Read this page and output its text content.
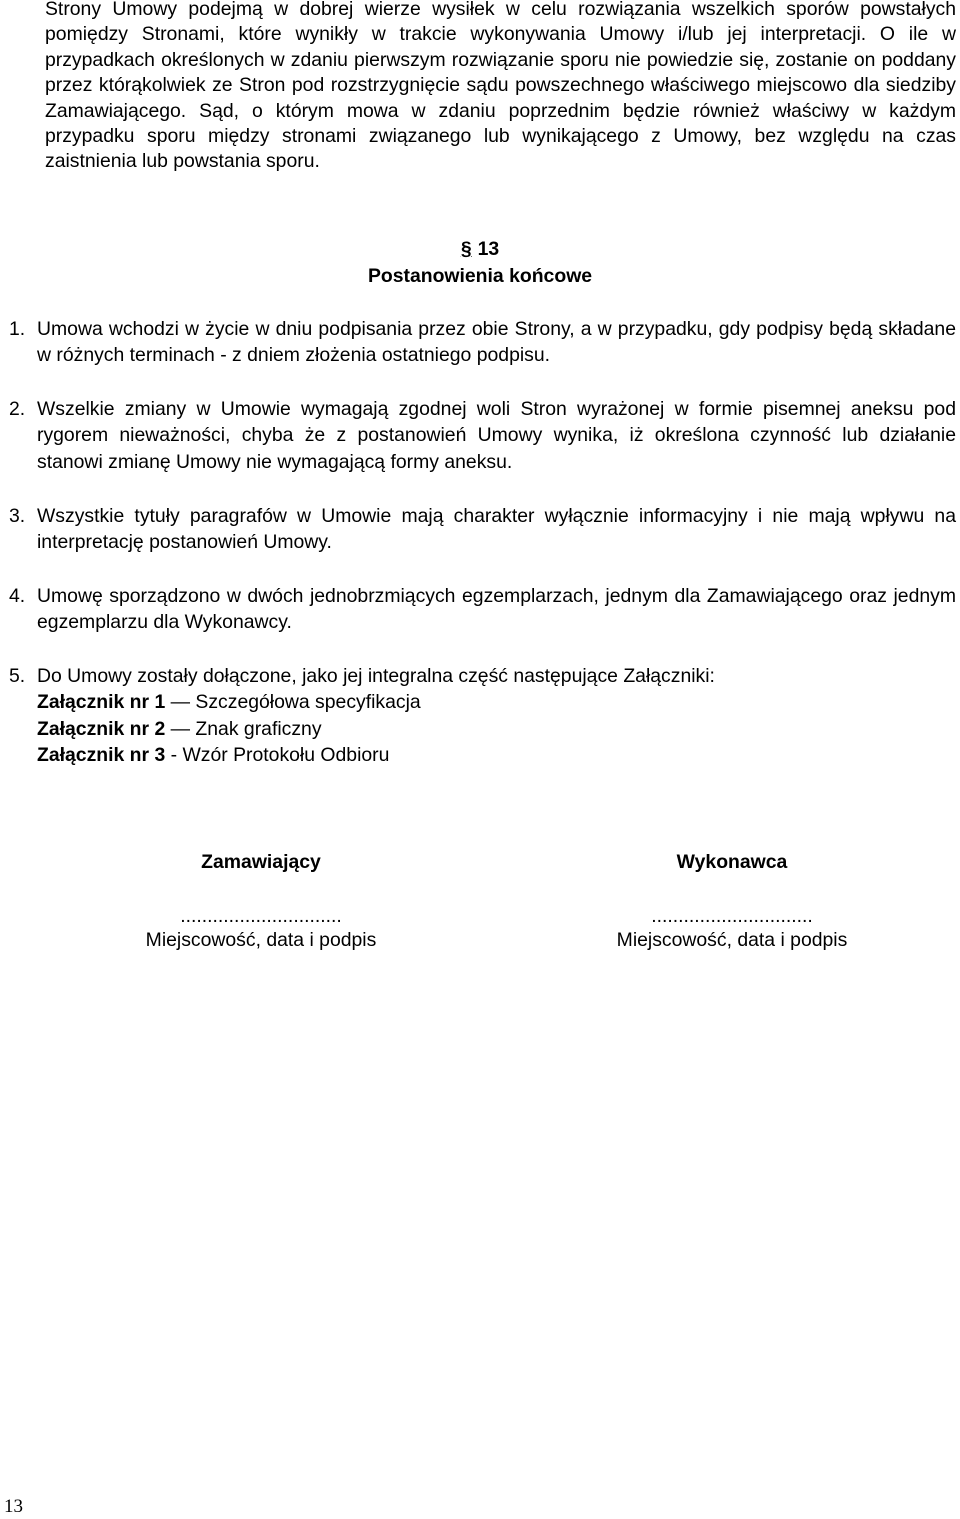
Strony Umowy podejmą w dobrej wierze wysiłek w celu rozwiązania wszelkich sporów powstałych pomiędzy Stronami, które wynikły w trakcie wykonywania Umowy i/lub jej interpretacji. O ile w przypadkach określonych w zdaniu pierwszym rozwiązanie sporu nie powiedzie się, zostanie on poddany przez którąkolwiek ze Stron pod rozstrzygnięcie sądu powszechnego właściwego miejscowo dla siedziby Zamawiającego. Sąd, o którym mowa w zdaniu poprzednim będzie również właściwy w każdym przypadku sporu między stronami związanego lub wynikającego z Umowy, bez względu na czas zaistnienia lub powstania sporu.

§ 13
Postanowienia końcowe
1. Umowa wchodzi w życie w dniu podpisania przez obie Strony, a w przypadku, gdy podpisy będą składane w różnych terminach - z dniem złożenia ostatniego podpisu.
2. Wszelkie zmiany w Umowie wymagają zgodnej woli Stron wyrażonej w formie pisemnej aneksu pod rygorem nieważności, chyba że z postanowień Umowy wynika, iż określona czynność lub działanie stanowi zmianę Umowy nie wymagającą formy aneksu.
3. Wszystkie tytuły paragrafów w Umowie mają charakter wyłącznie informacyjny i nie mają wpływu na interpretację postanowień Umowy.
4. Umowę sporządzono w dwóch jednobrzmiących egzemplarzach, jednym dla Zamawiającego oraz jednym egzemplarzu dla Wykonawcy.
5. Do Umowy zostały dołączone, jako jej integralna część następujące Załączniki:
Załącznik nr 1 — Szczegółowa specyfikacja
Załącznik nr 2 — Znak graficzny
Załącznik nr 3 - Wzór Protokołu Odbioru
Zamawiający
..............................
Miejscowość, data i podpis
Wykonawca
..............................
Miejscowość, data i podpis
13
